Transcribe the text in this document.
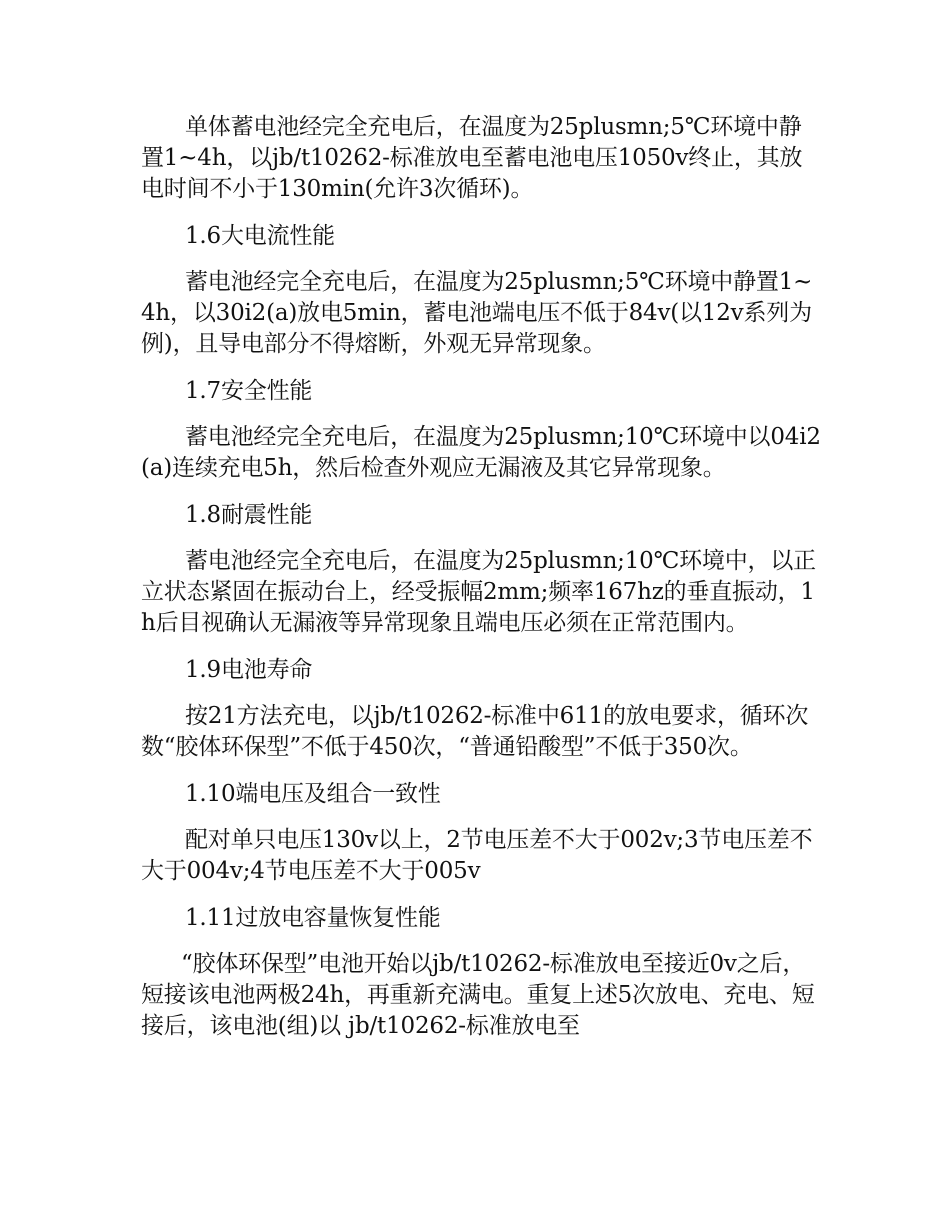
单体蓄电池经完全充电后，在温度为25plusmn;5℃环境中静置1~4h，以jb/t10262-标准放电至蓄电池电压1050v终止，其放电时间不小于130min(允许3次循环)。

1.6大电流性能

蓄电池经完全充电后，在温度为25plusmn;5℃环境中静置1~4h，以30i2(a)放电5min，蓄电池端电压不低于84v(以12v系列为例)，且导电部分不得熔断，外观无异常现象。

1.7安全性能

蓄电池经完全充电后，在温度为25plusmn;10℃环境中以04i2(a)连续充电5h，然后检查外观应无漏液及其它异常现象。

1.8耐震性能

蓄电池经完全充电后，在温度为25plusmn;10℃环境中，以正立状态紧固在振动台上，经受振幅2mm;频率167hz的垂直振动，1h后目视确认无漏液等异常现象且端电压必须在正常范围内。

1.9电池寿命

按21方法充电，以jb/t10262-标准中611的放电要求，循环次数“胶体环保型”不低于450次，“普通铅酸型”不低于350次。

1.10端电压及组合一致性

配对单只电压130v以上，2节电压差不大于002v;3节电压差不大于004v;4节电压差不大于005v

1.11过放电容量恢复性能

“胶体环保型”电池开始以jb/t10262-标准放电至接近0v之后，短接该电池两极24h，再重新充满电。重复上述5次放电、充电、短接后，该电池(组)以 jb/t10262-标准放电至
